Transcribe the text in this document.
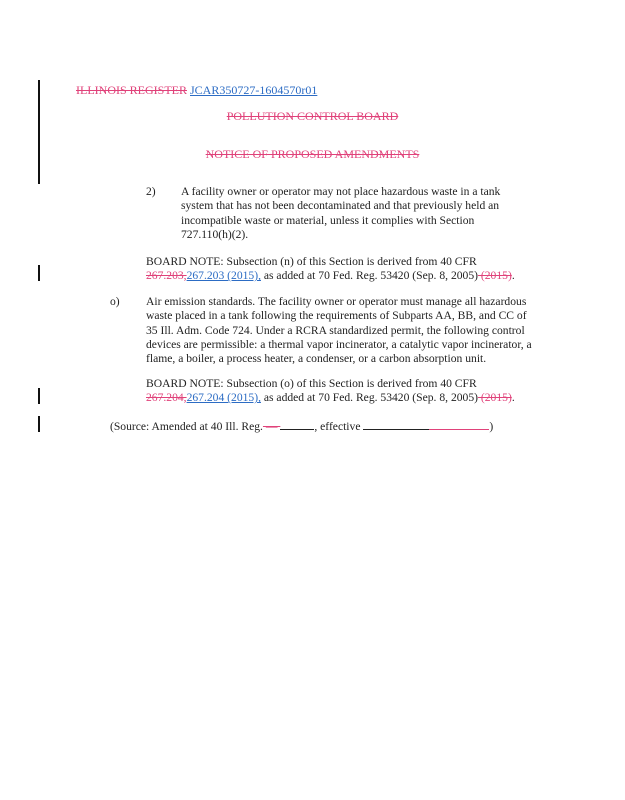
ILLINOIS REGISTER JCAR350727-1604570r01
POLLUTION CONTROL BOARD
NOTICE OF PROPOSED AMENDMENTS
2) A facility owner or operator may not place hazardous waste in a tank system that has not been decontaminated and that previously held an incompatible waste or material, unless it complies with Section 727.110(h)(2).
BOARD NOTE: Subsection (n) of this Section is derived from 40 CFR
267.203,267.203 (2015), as added at 70 Fed. Reg. 53420 (Sep. 8, 2005) (2015).
o) Air emission standards. The facility owner or operator must manage all hazardous waste placed in a tank following the requirements of Subparts AA, BB, and CC of 35 Ill. Adm. Code 724. Under a RCRA standardized permit, the following control devices are permissible: a thermal vapor incinerator, a catalytic vapor incinerator, a flame, a boiler, a process heater, a condenser, or a carbon absorption unit.
BOARD NOTE: Subsection (o) of this Section is derived from 40 CFR
267.204,267.204 (2015), as added at 70 Fed. Reg. 53420 (Sep. 8, 2005) (2015).
(Source: Amended at 40 Ill. Reg. —	, effective	)
